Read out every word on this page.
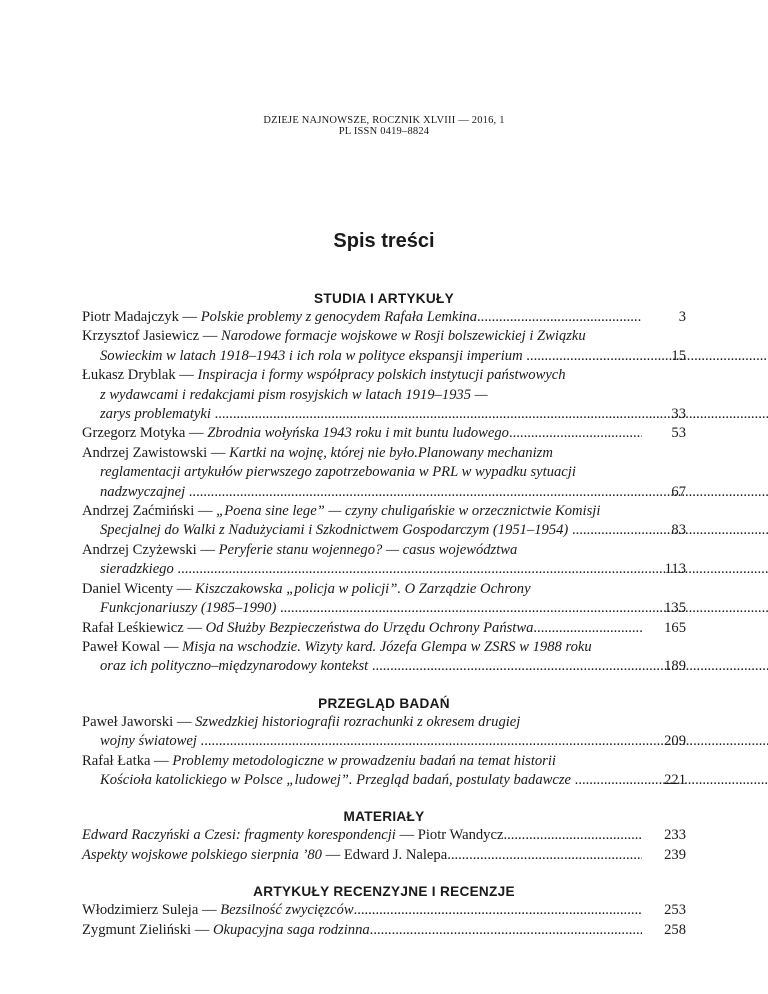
DZIEJE NAJNOWSZE, ROCZNIK XLVIII — 2016, 1
PL ISSN 0419–8824
Spis treści
STUDIA I ARTYKUŁY
Piotr Madajczyk — Polskie problemy z genocydem Rafała Lemkina .....	3
Krzysztof Jasiewicz — Narodowe formacje wojskowe w Rosji bolszewickiej i Związku
Sowieckim w latach 1918–1943 i ich rola w polityce ekspansji imperium .....	15
Łukasz Dryblak — Inspiracja i formy współpracy polskich instytucji państwowych
z wydawcami i redakcjami pism rosyjskich w latach 1919–1935 —
zarys problematyki .....	33
Grzegorz Motyka — Zbrodnia wołyńska 1943 roku i mit buntu ludowego .....	53
Andrzej Zawistowski — Kartki na wojnę, której nie było.Planowany mechanizm
reglamentacji artykułów pierwszego zapotrzebowania w PRL w wypadku sytuacji
nadzwyczajnej .....	67
Andrzej Zaćmiński — „Poena sine lege” — czyny chuligańskie w orzecznictwie Komisji
Specjalnej do Walki z Nadużyciami i Szkodnictwem Gospodarczym (1951–1954) .....	83
Andrzej Czyżewski — Peryferie stanu wojennego? — casus województwa
sieradzkiego .....	113
Daniel Wicenty — Kiszczakowska „policja w policji”. O Zarządzie Ochrony
Funkcjonariuszy (1985–1990) .....	135
Rafał Leśkiewicz — Od Służby Bezpieczeństwa do Urzędu Ochrony Państwa .....	165
Paweł Kowal — Misja na wschodzie. Wizyty kard. Józefa Glempa w ZSRS w 1988 roku
oraz ich polityczno–międzynarodowy kontekst .....	189
PRZEGLĄD BADAŃ
Paweł Jaworski — Szwedzkiej historiografii rozrachunki z okresem drugiej
wojny światowej .....	209
Rafał Łatka — Problemy metodologiczne w prowadzeniu badań na temat historii
Kościoła katolickiego w Polsce „ludowej”. Przegląd badań, postulaty badawcze .....	221
MATERIAŁY
Edward Raczyński a Czesi: fragmenty korespondencji — Piotr Wandycz .....	233
Aspekty wojskowe polskiego sierpnia ’80 — Edward J. Nalepa .....	239
ARTYKUŁY RECENZYJNE I RECENZJE
Włodzimierz Suleja — Bezsilność zwycięzców .....	253
Zygmunt Zieliński — Okupacyjna saga rodzinna .....	258
